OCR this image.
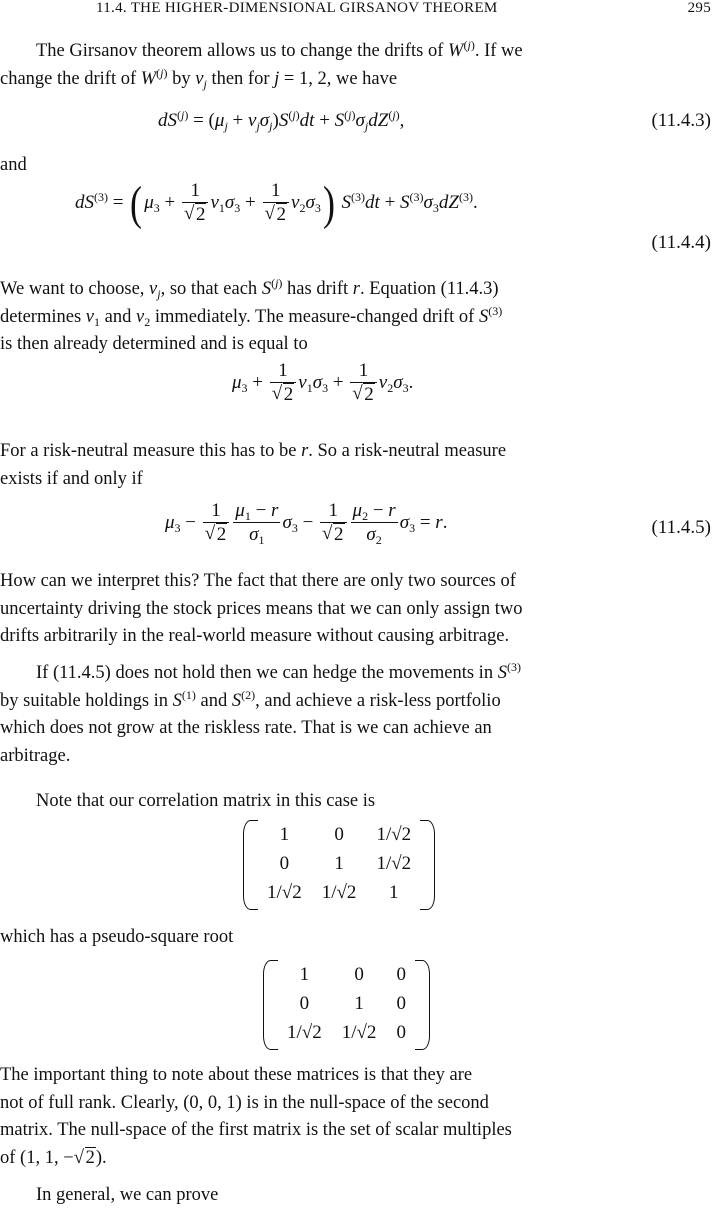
11.4. THE HIGHER-DIMENSIONAL GIRSANOV THEOREM	295
The Girsanov theorem allows us to change the drifts of $W^{(j)}$. If we
change the drift of $W^{(j)}$ by $\nu_j$ then for j = 1, 2, we have
$dS^{(j)} = (\mu_j + \nu_j\sigma_j)S^{(j)}dt + S^{(j)}\sigma_jdZ^{(j)}$,	(11.4.3)
and
$dS^{(3)}$ = ( $\mu_3 + 1$
√ 2 $\nu_1\sigma_3 + 1$
√ 2 $\nu_2\sigma_3$) $S^{(3)}dt + S^{(3)}\sigma_3dZ^{(3)}$.
(11.4.4)
We want to choose, $\nu_j$, so that each $S^{(j)}$ has drift r. Equation (11.4.3)
determines $\nu_1$ and $\nu_2$ immediately. The measure-changed drift of $S^{(3)}$
is then already determined and is equal to
$\mu_3 + 1$
√ 2 $\nu_1\sigma_3 + 1$
√ 2 $\nu_2\sigma_3$.
For a risk-neutral measure this has to be r. So a risk-neutral measure
exists if and only if
$\mu_3 - 1$
√ $2 \frac{\mu_1 - r}{\sigma_1} \sigma_3 - 1$
√ $2 \frac{\mu_2 - r}{\sigma_2} \sigma_3 = r$.	(11.4.5)
How can we interpret this? The fact that there are only two sources of
uncertainty driving the stock prices means that we can only assign two
drifts arbitrarily in the real-world measure without causing arbitrage.
If (11.4.5) does not hold then we can hedge the movements in $S^{(3)}$
by suitable holdings in $S^{(1)}$ and $S^{(2)}$, and achieve a risk-less portfolio
which does not grow at the riskless rate. That is we can achieve an
arbitrage.
Note that our correlation matrix in this case is
1	0	1/√2
0	1	1/√2
1/√2	1/√2	1
which has a pseudo-square root
1	0	0
0	1	0
1/√2	1/√2	0
The important thing to note about these matrices is that they are
not of full rank. Clearly, (0, 0, 1) is in the null-space of the second
matrix. The null-space of the first matrix is the set of scalar multiples
of (1, 1, − √ 2).
In general, we can prove
